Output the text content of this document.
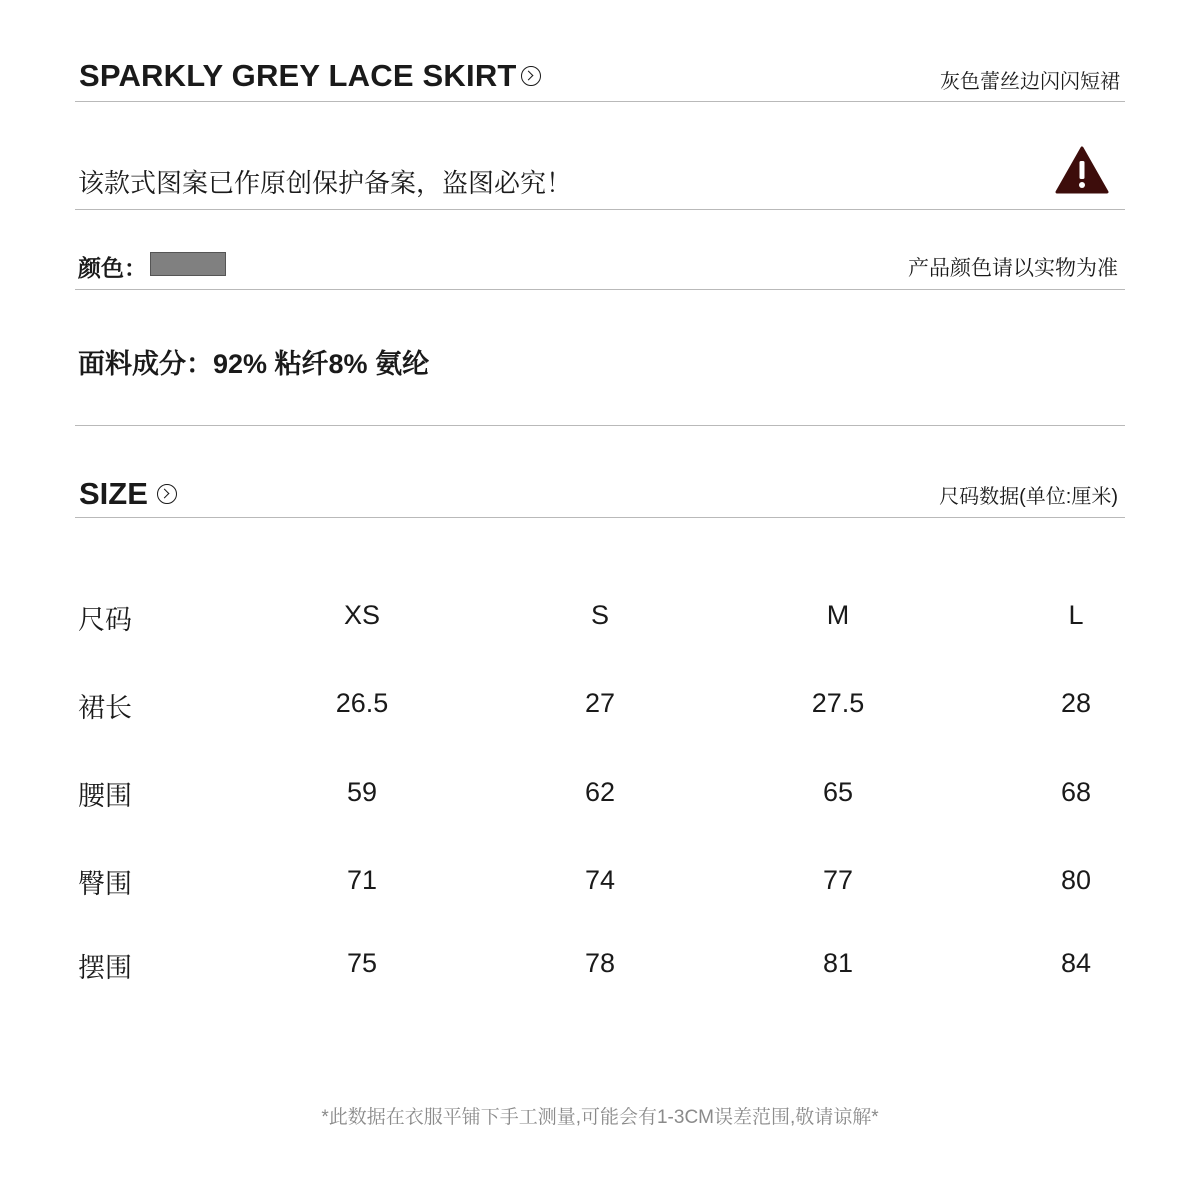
SPARKLY GREY LACE SKIRT	灰色蕾丝边闪闪短裙
该款式图案已作原创保护备案，盗图必究！
颜色：	产品颜色请以实物为准
面料成分：92% 粘纤8% 氨纶
SIZE	尺码数据(单位:厘米)
尺码	XS	S	M	L
裙长	26.5	27	27.5	28
腰围	59	62	65	68
臀围	71	74	77	80
摆围	75	78	81	84
*此数据在衣服平铺下手工测量,可能会有1-3CM误差范围,敬请谅解*
